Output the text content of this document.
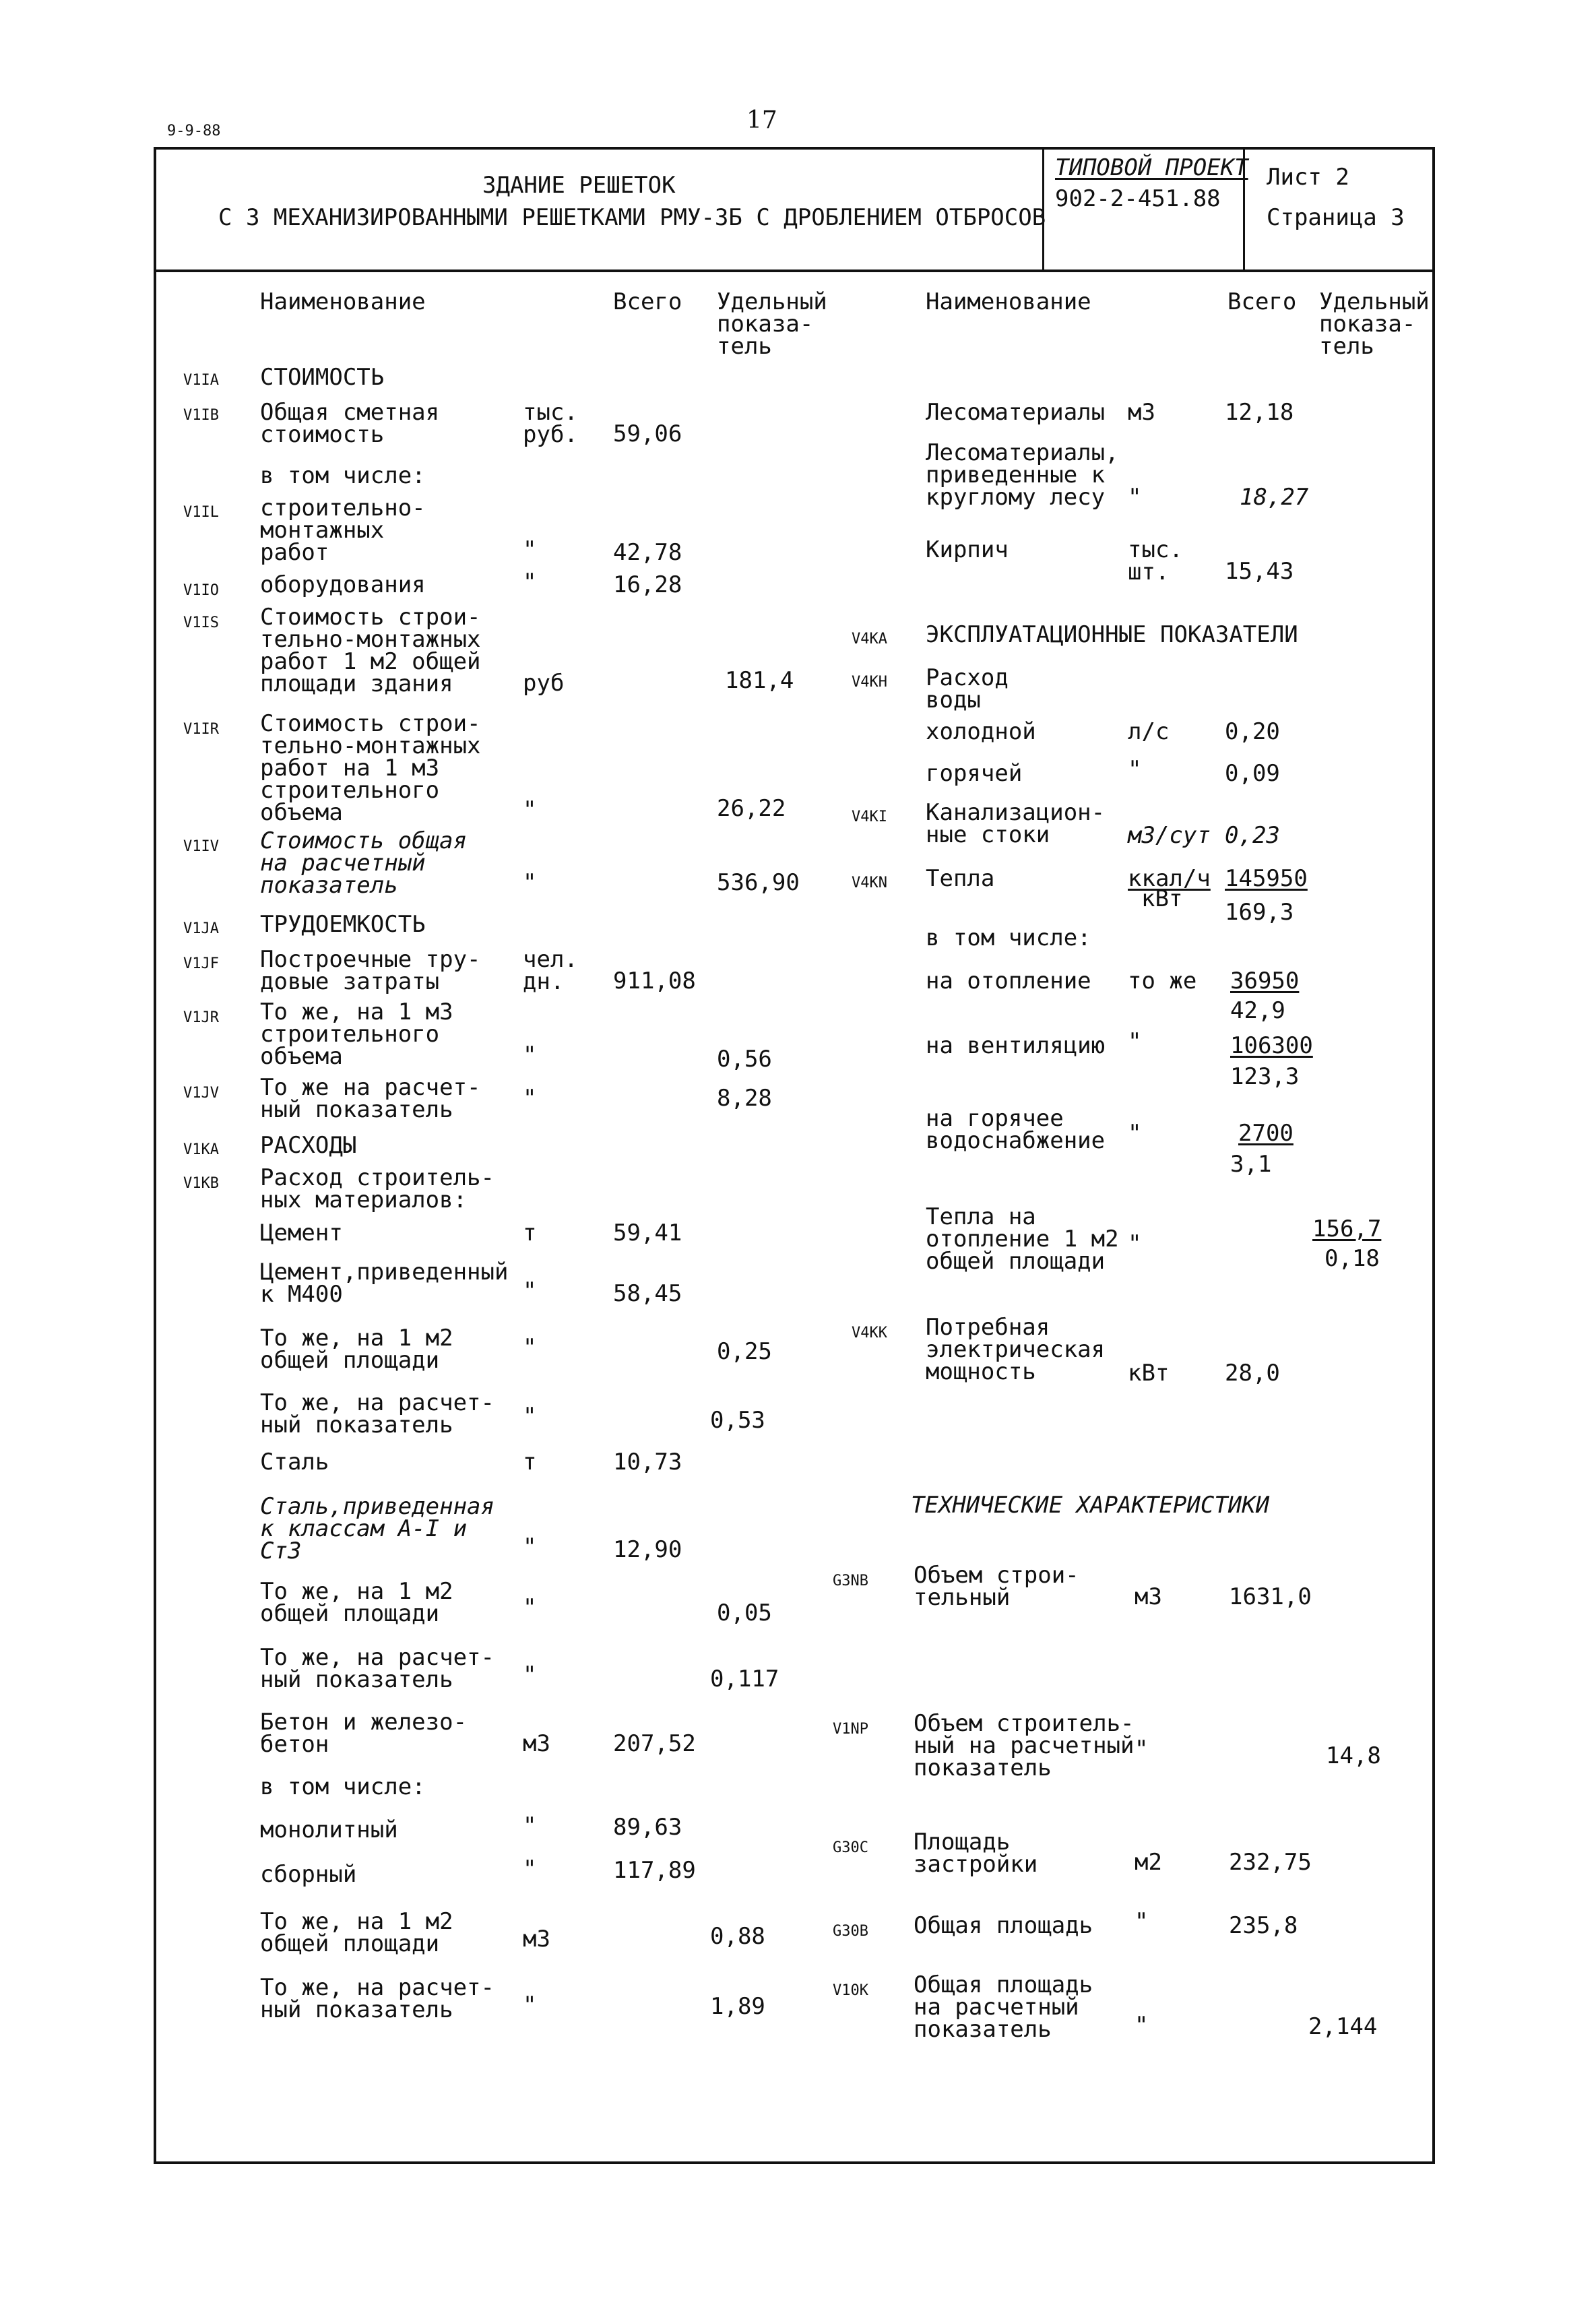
9-9-88	17
ЗДАНИЕ РЕШЕТОК
С 3 МЕХАНИЗИРОВАННЫМИ РЕШЕТКАМИ РМУ-3Б С ДРОБЛЕНИЕМ ОТБРОСОВ
ТИПОВОЙ ПРОЕКТ
902-2-451.88
Лист 2
Страница 3
Наименование	Всего Удельный
показа-
тель
Наименование	Всего Удельный
показа-
тель
V1IA СТОИМОСТЬ
V1IB Общая сметная
стоимость
тыс.
руб. 59,06
в том числе:
V1IL строительно-
монтажных
работ	"	42,78
V1IO оборудования	"	16,28
V1IS Стоимость строи-
тельно-монтажных
работ 1 м2 общей
площади здания	руб	181,4
V1IR Стоимость строи-
тельно-монтажных
работ на 1 м3
строительного
объема	"	26,22
V1IV Стоимость общая
на расчетный
показатель	"	536,90
V1JA ТРУДОЕМКОСТЬ
V1JF Построечные тру-
довые затраты
чел.
дн.	911,08
V1JR То же, на 1 м3
строительного
объема	"	0,56
V1JV То же на расчет-
ный показатель	"	8,28
V1KA РАСХОДЫ
V1KB Расход строитель-
ных материалов:
Цемент	т	59,41
Цемент,приведенный
к М400	"	58,45
То же, на 1 м2
общей площади	"	0,25
То же, на расчет-
ный показатель	"	0,53
Сталь	т	10,73
Сталь,приведенная
к классам А-I и
Ст3	"	12,90
То же, на 1 м2
общей площади	"	0,05
То же, на расчет-
ный показатель	"	0,117
Бетон и железо-
бетон	м3	207,52
в том числе:
монолитный	"	89,63
сборный	"	117,89
То же, на 1 м2
общей площади	м3	0,88
То же, на расчет-
ный показатель	"	1,89
Лесоматериалы м3	12,18
Лесоматериалы,
приведенные к
круглому лесу "	18,27
Кирпич	тыс.
шт.	15,43
V4KA ЭКСПЛУАТАЦИОННЫЕ ПОКАЗАТЕЛИ
V4KH Расход
воды
холодной	л/с 0,20
горячей	"	0,09
V4KI Канализацион-
ные стоки	м3/сут 0,23
V4KN Тепла	ккал/ч
кВт
145950
169,3
в том числе:
на отопление то же 36950
42,9
на вентиляцию "	106300
123,3
на горячее
водоснабжение "	2700
3,1
Тепла на
отопление 1 м2
общей площади
"
156,7
0,18
V4KK Потребная
электрическая
мощность	кВт 28,0
ТЕХНИЧЕСКИЕ ХАРАКТЕРИСТИКИ
G3NB Объем строи-
тельный	м3	1631,0
V1NP Объем строитель-
ный на расчетный
показатель
"	14,8
G30C Площадь
застройки	м2	232,75
G30B Общая площадь "	235,8
V10K Общая площадь
на расчетный
показатель	"	2,144
